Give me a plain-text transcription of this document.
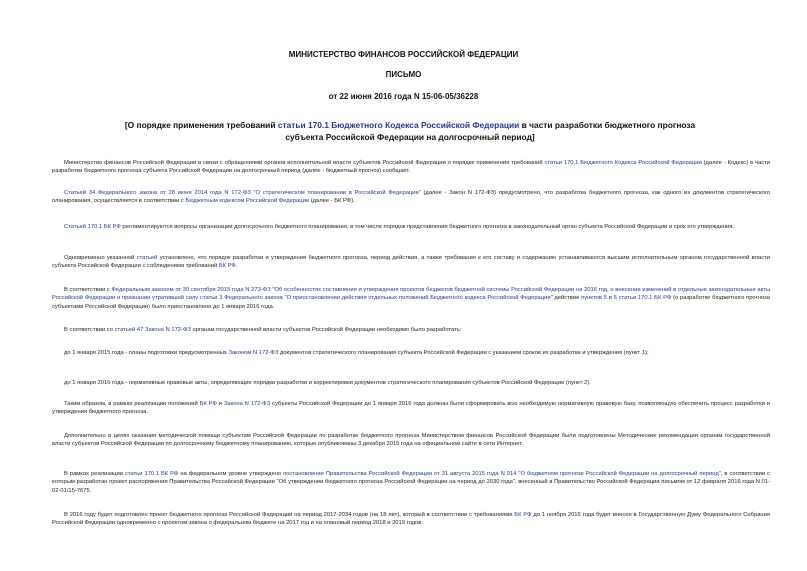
МИНИСТЕРСТВО ФИНАНСОВ РОССИЙСКОЙ ФЕДЕРАЦИИ
ПИСЬМО
от 22 июня 2016 года N 15-06-05/36228
[О порядке применения требований статьи 170.1 Бюджетного Кодекса Российской Федерации в части разработки бюджетного прогноза субъекта Российской Федерации на долгосрочный период]
Министерство финансов Российской Федерации в связи с обращениями органов исполнительной власти субъектов Российской Федерации о порядке применения требований статьи 170.1 Бюджетного Кодекса Российской Федерации (далее - Кодекс) в части разработки бюджетного прогноза субъекта Российской Федерации на долгосрочный период (далее - бюджетный прогноз) сообщает.
Статьей 34 Федерального закона от 28 июня 2014 года N 172-ФЗ "О стратегическом планировании в Российской Федерации" (далее - Закон N 172-ФЗ) предусмотрено, что разработка бюджетного прогноза, как одного из документов стратегического планирования, осуществляется в соответствии с Бюджетным кодексом Российской Федерации (далее - БК РФ).
Статьей 170.1 БК РФ регламентируются вопросы организации долгосрочного бюджетного планирования, в том числе порядок представления бюджетного прогноза в законодательный орган субъекта Российской Федерации и срок его утверждения.
Одновременно указанной статьей установлено, что порядок разработки и утверждения бюджетного прогноза, период действия, а также требования к его составу и содержанию устанавливаются высшим исполнительным органом государственной власти субъекта Российской Федерации с соблюдением требований БК РФ.
В соответствии с Федеральным законом от 30 сентября 2015 года N 273-ФЗ "Об особенностях составления и утверждения проектов бюджетов бюджетной системы Российской Федерации на 2016 год, о внесении изменений в отдельные законодательные акты Российской Федерации и признании утратившей силу статьи 3 Федерального закона "О приостановлении действия отдельных положений Бюджетного кодекса Российской Федерации" действие пунктов 5 и 6 статьи 170.1 БК РФ (о разработке бюджетного прогноза субъектами Российской Федерации) было приостановлено до 1 января 2016 года.
В соответствии со статьей 47 Закона N 172-ФЗ органам государственной власти субъектов Российской Федерации необходимо было разработать:
до 1 января 2015 года - планы подготовки предусмотренных Законом N 172-ФЗ документов стратегического планирования субъекта Российской Федерации с указанием сроков их разработки и утверждения (пункт 1);
до 1 января 2016 года - нормативные правовые акты, определяющие порядки разработки и корректировки документов стратегического планирования субъектов Российской Федерации (пункт 2).
Таким образом, в рамках реализации положений БК РФ и Закона N 172-ФЗ субъекты Российской Федерации до 1 января 2016 года должны были сформировать всю необходимую нормативную правовую базу, позволяющую обеспечить процесс разработки и утверждения бюджетного прогноза.
Дополнительно в целях оказания методической помощи субъектам Российской Федерации по разработке бюджетного прогноза Министерством финансов Российской Федерации были подготовлены Методические рекомендации органам государственной власти субъектов Российской Федерации по долгосрочному бюджетному планированию, которые опубликованы 3 декабря 2015 года на официальном сайте в сети Интернет.
В рамках реализации статьи 170.1 БК РФ на федеральном уровне утверждено постановление Правительства Российской Федерации от 31 августа 2015 года N 914 "О бюджетном прогнозе Российской Федерации на долгосрочный период", в соответствии с которым разработан проект распоряжения Правительства Российской Федерации "Об утверждении бюджетного прогноза Российской Федерации на период до 2030 года", внесенный в Правительство Российской Федерации письмом от 12 февраля 2016 года N 01-02-01/15-7675.
В 2016 году будет подготовлен проект бюджетного прогноза Российской Федерации на период 2017-2034 годов (на 18 лет), который в соответствии с требованиями БК РФ до 1 ноября 2016 года будет внесен в Государственную Думу Федерального Собрания Российской Федерации одновременно с проектом закона о федеральном бюджете на 2017 год и на плановый период 2018 и 2019 годов.
